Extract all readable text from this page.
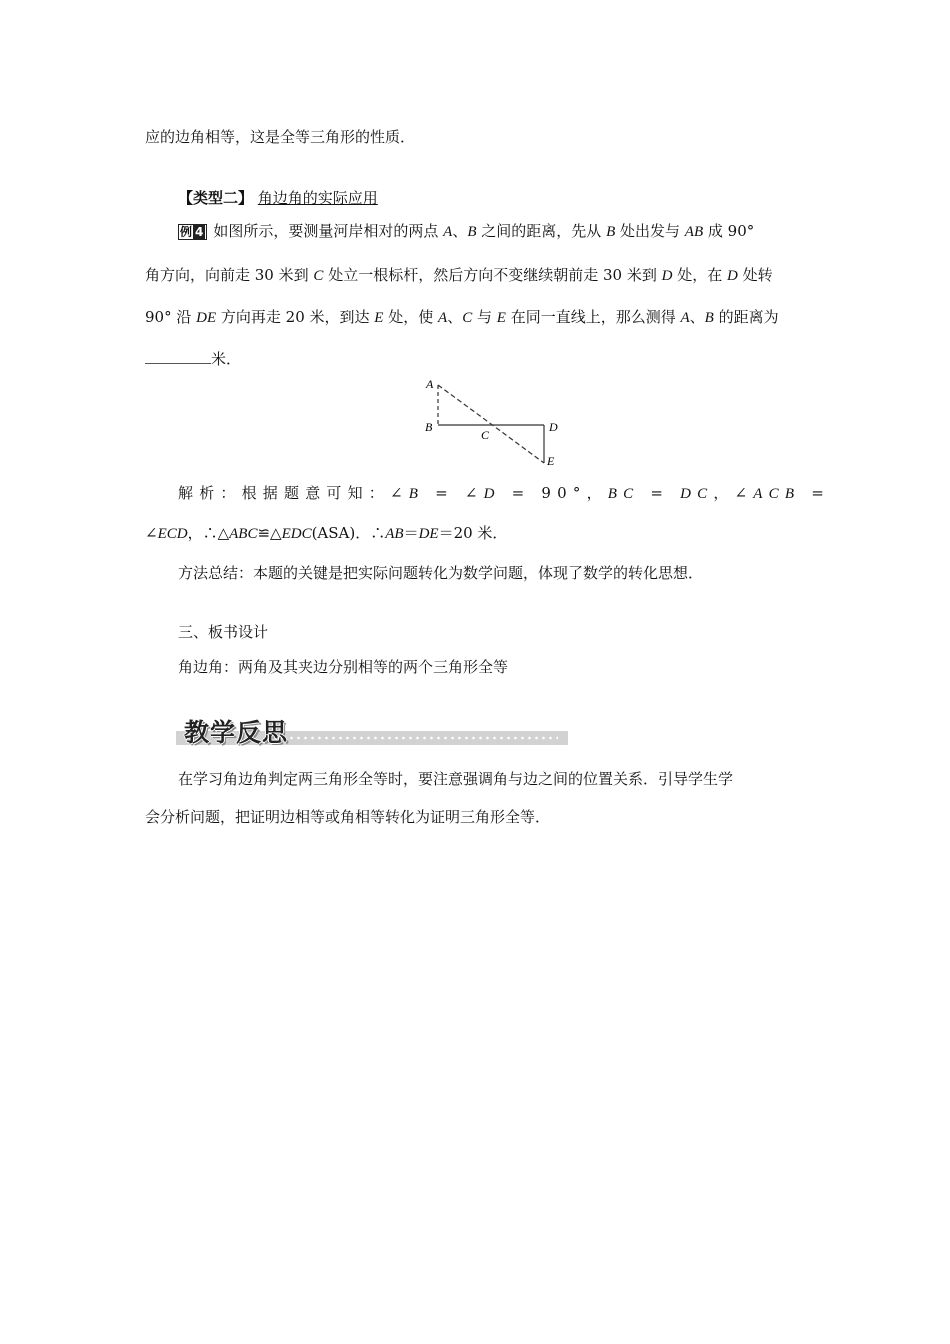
应的边角相等，这是全等三角形的性质．
【类型二】 角边角的实际应用
例 4 如图所示，要测量河岸相对的两点 A、B 之间的距离，先从 B 处出发与 AB 成 90°
角方向，向前走 30 米到 C 处立一根标杆，然后方向不变继续朝前走 30 米到 D 处，在 D 处转
90° 沿 DE 方向再走 20 米，到达 E 处，使 A、C 与 E 在同一直线上，那么测得 A、B 的距离为
米．
A
B
C
D
E
解析：根据题意可知：∠B = ∠D = 90°，BC = DC，∠ACB =
∠ECD，∴△ABC≌△EDC(ASA)．∴AB＝DE＝20 米．
方法总结：本题的关键是把实际问题转化为数学问题，体现了数学的转化思想．
三、板书设计
角边角：两角及其夹边分别相等的两个三角形全等
教学反思
在学习角边角判定两三角形全等时，要注意强调角与边之间的位置关系．引导学生学
会分析问题，把证明边相等或角相等转化为证明三角形全等．
